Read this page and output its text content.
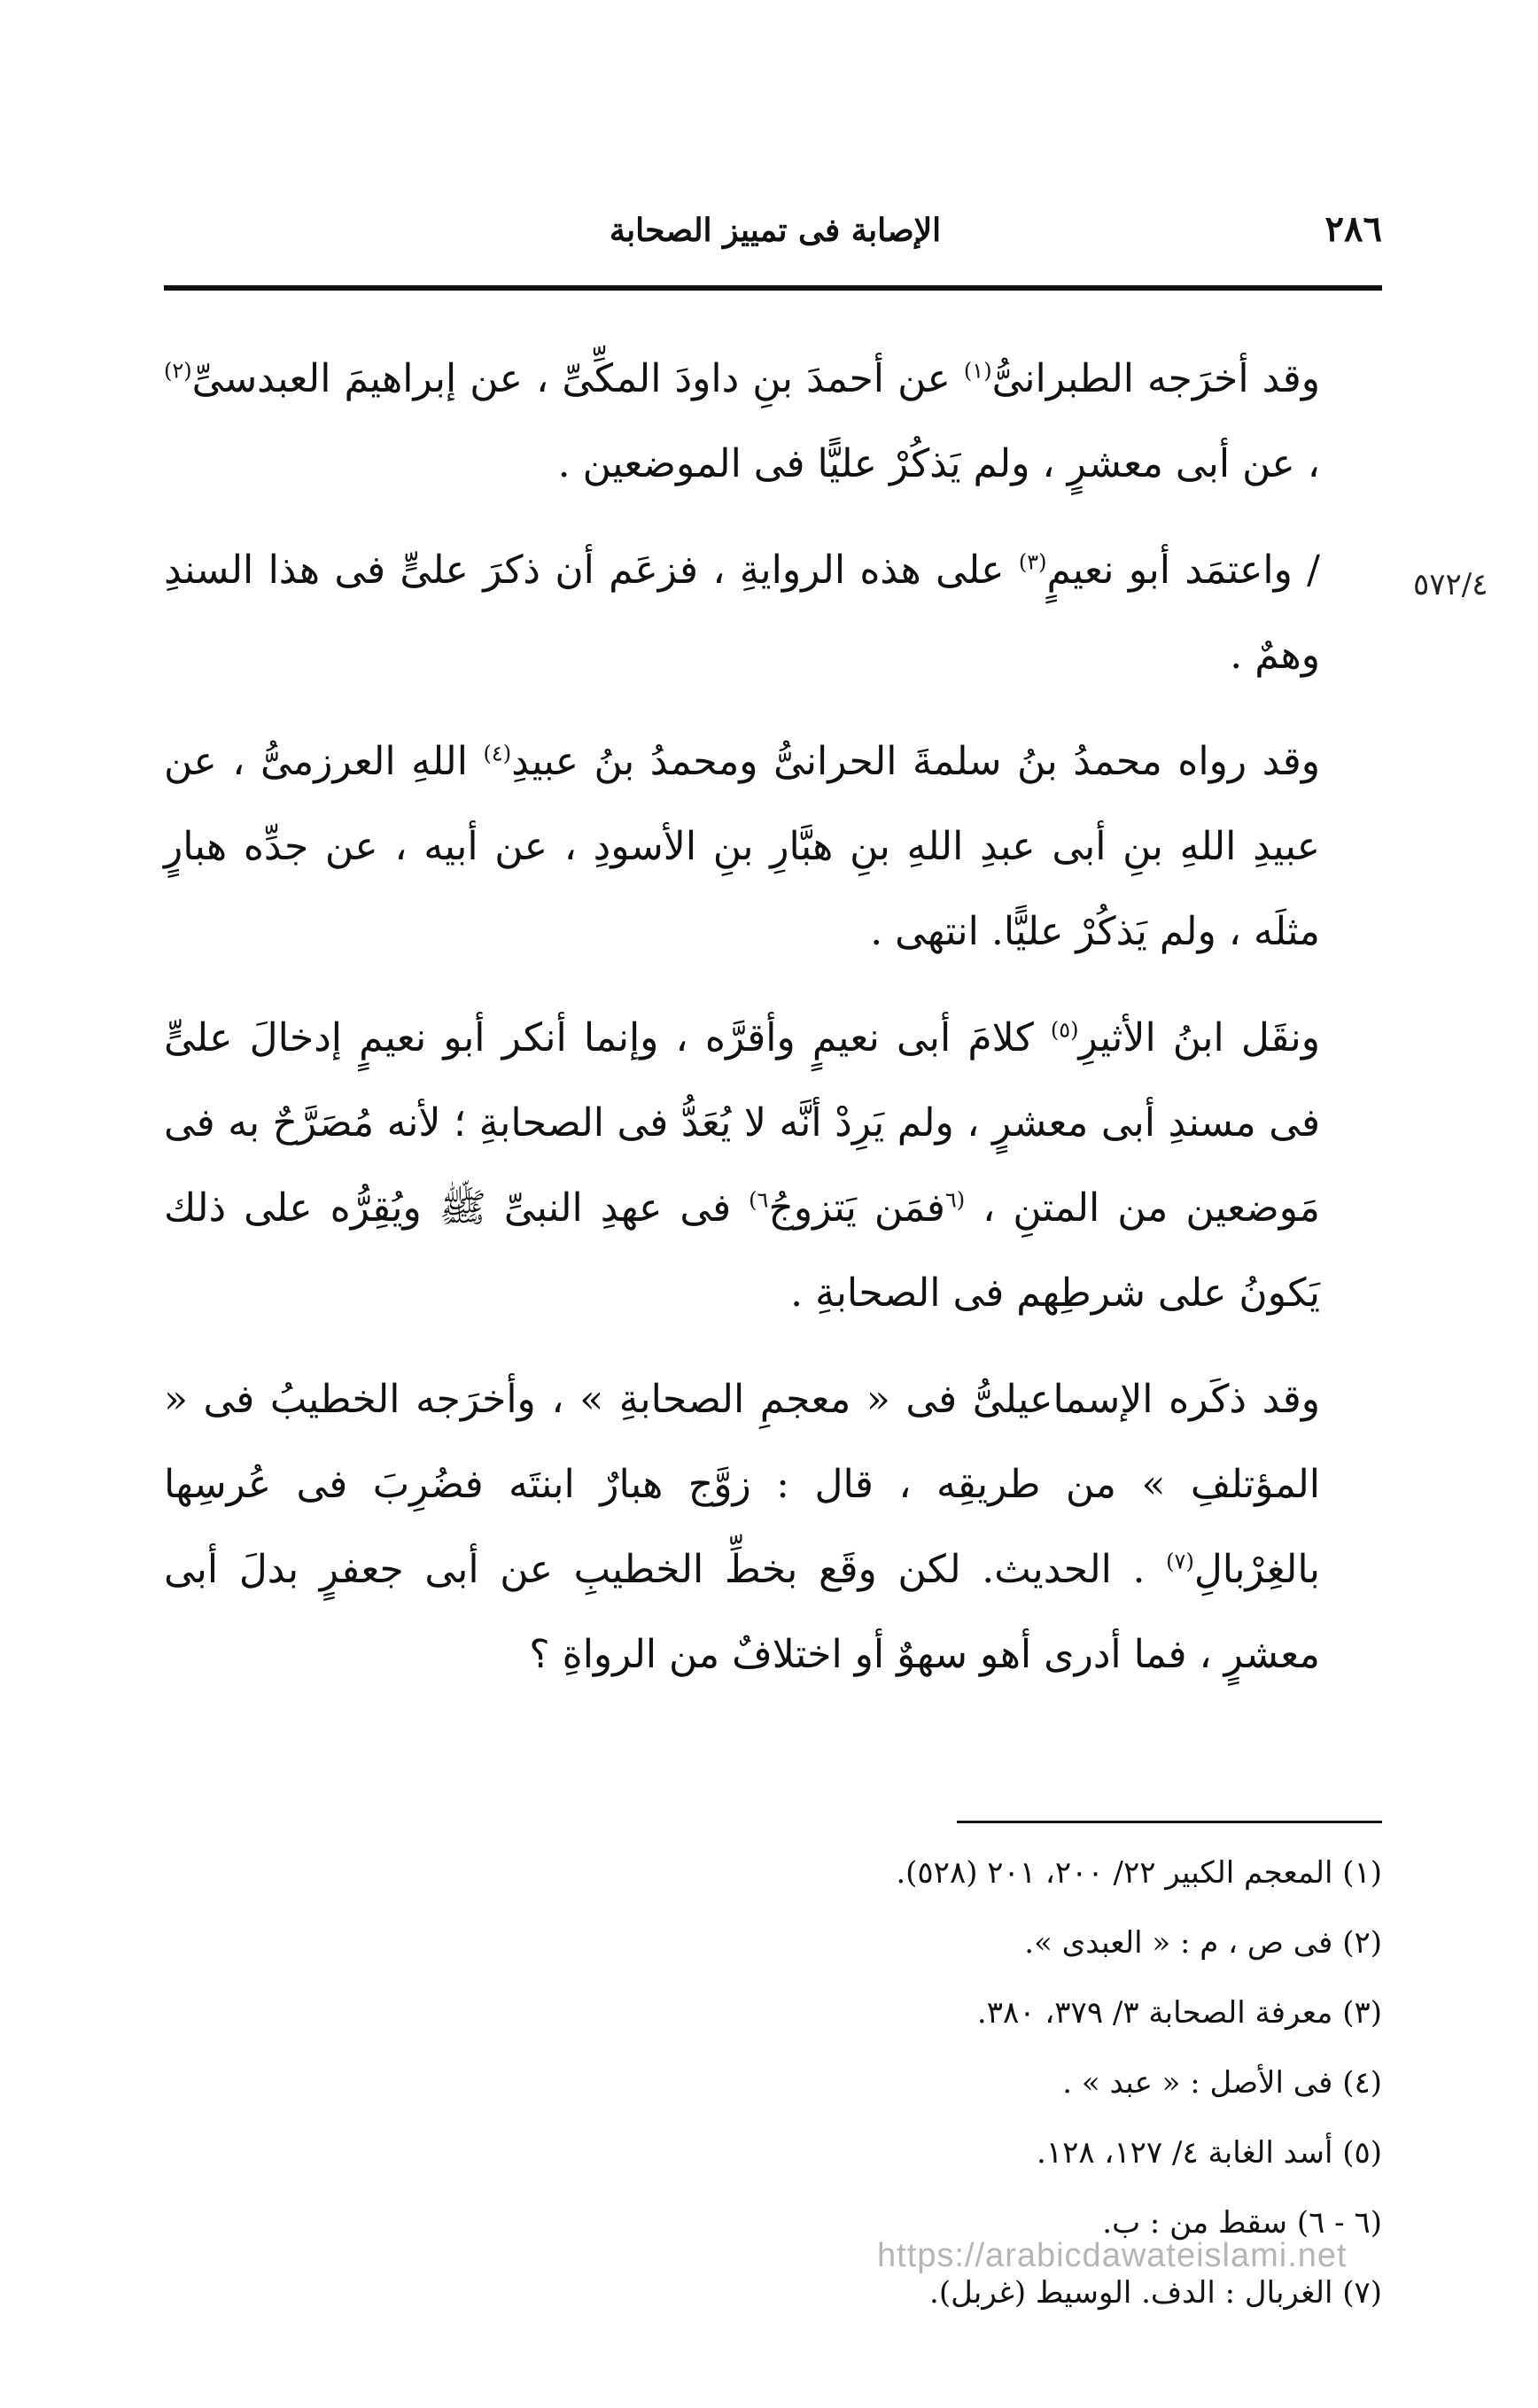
٢٨٦
الإصابة فى تمييز الصحابة
٥٧٢/٤

وقد أخرَجه الطبرانىُّ$^{(١)}$ عن أحمدَ بنِ داودَ المكِّىِّ ، عن إبراهيمَ العبدسىِّ$^{(٢)}$ ، عن أبى معشرٍ ، ولم يَذكُرْ عليًّا فى الموضعين .

/ واعتمَد أبو نعيمٍ$^{(٣)}$ على هذه الروايةِ ، فزعَم أن ذكرَ علىٍّ فى هذا السندِ وهمٌ .

وقد رواه محمدُ بنُ سلمةَ الحرانىُّ ومحمدُ بنُ عبيدِ$^{(٤)}$ اللهِ العرزمىُّ ، عن عبيدِ اللهِ بنِ أبى عبدِ اللهِ بنِ هبَّارِ بنِ الأسودِ ، عن أبيه ، عن جدِّه هبارٍ مثلَه ، ولم يَذكُرْ عليًّا. انتهى .

ونقَل ابنُ الأثيرِ$^{(٥)}$ كلامَ أبى نعيمٍ وأقرَّه ، وإنما أنكر أبو نعيمٍ إدخالَ علىٍّ فى مسندِ أبى معشرٍ ، ولم يَرِدْ أنَّه لا يُعَدُّ فى الصحابةِ ؛ لأنه مُصَرَّحٌ به فى مَوضعين من المتنِ ، $^{(٦}$فمَن يَتزوجُ$^{٦)}$ فى عهدِ النبىِّ ﷺ ويُقِرُّه على ذلك يَكونُ على شرطِهم فى الصحابةِ .

وقد ذكَره الإسماعيلىُّ فى « معجمِ الصحابةِ » ، وأخرَجه الخطيبُ فى « المؤتلفِ » من طريقِه ، قال : زوَّج هبارٌ ابنتَه فضُرِبَ فى عُرسِها بالغِرْبالِ$^{(٧)}$ . الحديث. لكن وقَع بخطِّ الخطيبِ عن أبى جعفرٍ بدلَ أبى معشرٍ ، فما أدرى أهو سهوٌ أو اختلافٌ من الرواةِ ؟

(١) المعجم الكبير ٢٢/ ٢٠٠، ٢٠١ (٥٢٨).

(٢) فى ص ، م : « العبدى ».

(٣) معرفة الصحابة ٣/ ٣٧٩، ٣٨٠.

(٤) فى الأصل : « عبد » .

(٥) أسد الغابة ٤/ ١٢٧، ١٢٨.

(٦ - ٦) سقط من : ب.

(٧) الغربال : الدف. الوسيط (غربل).

https://arabicdawateislami.net
